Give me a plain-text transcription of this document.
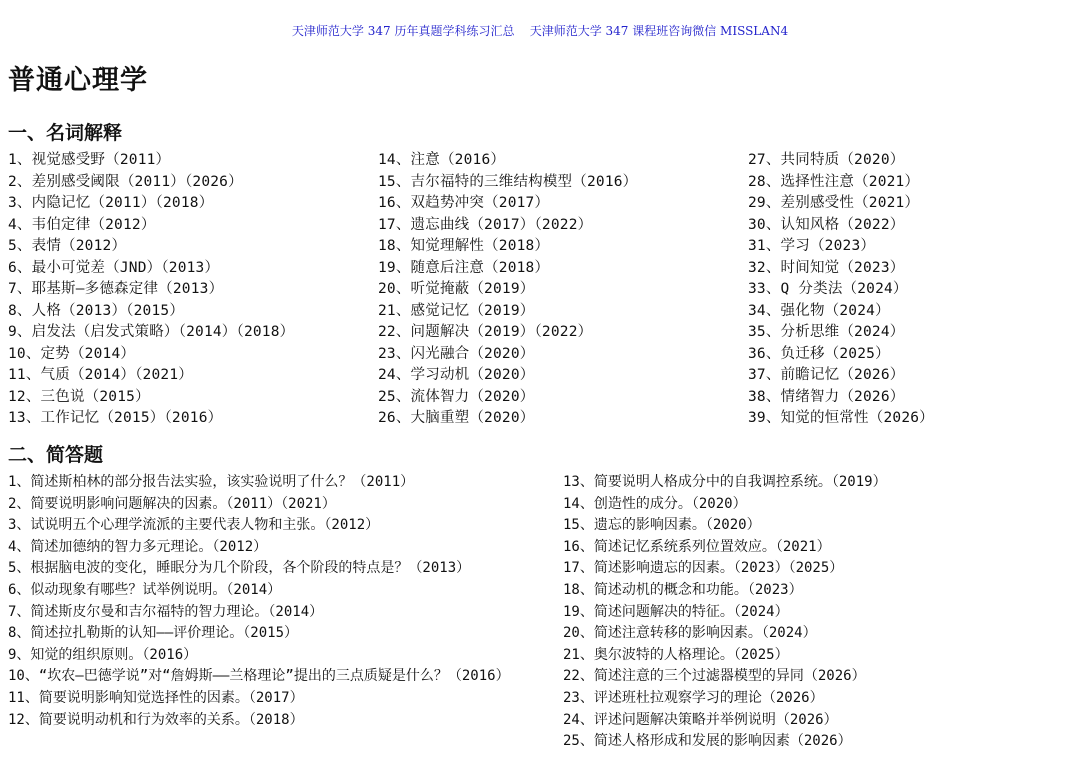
天津师范大学 347 历年真题学科练习汇总    天津师范大学 347 课程班咨询微信 MISSLAN4
普通心理学
一、名词解释
1、视觉感受野（2011）
2、差别感受阈限（2011）（2026）
3、内隐记忆（2011）（2018）
4、韦伯定律（2012）
5、表情（2012）
6、最小可觉差（JND）（2013）
7、耶基斯—多德森定律（2013）
8、人格（2013）（2015）
9、启发法（启发式策略）（2014）（2018）
10、定势（2014）
11、气质（2014）（2021）
12、三色说（2015）
13、工作记忆（2015）（2016）
14、注意（2016）
15、吉尔福特的三维结构模型（2016）
16、双趋势冲突（2017）
17、遗忘曲线（2017）（2022）
18、知觉理解性（2018）
19、随意后注意（2018）
20、听觉掩蔽（2019）
21、感觉记忆（2019）
22、问题解决（2019）（2022）
23、闪光融合（2020）
24、学习动机（2020）
25、流体智力（2020）
26、大脑重塑（2020）
27、共同特质（2020）
28、选择性注意（2021）
29、差别感受性（2021）
30、认知风格（2022）
31、学习（2023）
32、时间知觉（2023）
33、Q 分类法（2024）
34、强化物（2024）
35、分析思维（2024）
36、负迁移（2025）
37、前瞻记忆（2026）
38、情绪智力（2026）
39、知觉的恒常性（2026）
二、简答题
1、简述斯柏林的部分报告法实验，该实验说明了什么？（2011）
2、简要说明影响问题解决的因素。（2011）（2021）
3、试说明五个心理学流派的主要代表人物和主张。（2012）
4、简述加德纳的智力多元理论。（2012）
5、根据脑电波的变化，睡眠分为几个阶段，各个阶段的特点是？（2013）
6、似动现象有哪些？试举例说明。（2014）
7、简述斯皮尔曼和吉尔福特的智力理论。（2014）
8、简述拉扎勒斯的认知——评价理论。（2015）
9、知觉的组织原则。（2016）
10、“坎农—巴德学说”对“詹姆斯——兰格理论”提出的三点质疑是什么？（2016）
11、简要说明影响知觉选择性的因素。（2017）
12、简要说明动机和行为效率的关系。（2018）
13、简要说明人格成分中的自我调控系统。（2019）
14、创造性的成分。（2020）
15、遗忘的影响因素。（2020）
16、简述记忆系统系列位置效应。（2021）
17、简述影响遗忘的因素。（2023）（2025）
18、简述动机的概念和功能。（2023）
19、简述问题解决的特征。（2024）
20、简述注意转移的影响因素。（2024）
21、奥尔波特的人格理论。（2025）
22、简述注意的三个过滤器模型的异同（2026）
23、评述班杜拉观察学习的理论（2026）
24、评述问题解决策略并举例说明（2026）
25、简述人格形成和发展的影响因素（2026）
